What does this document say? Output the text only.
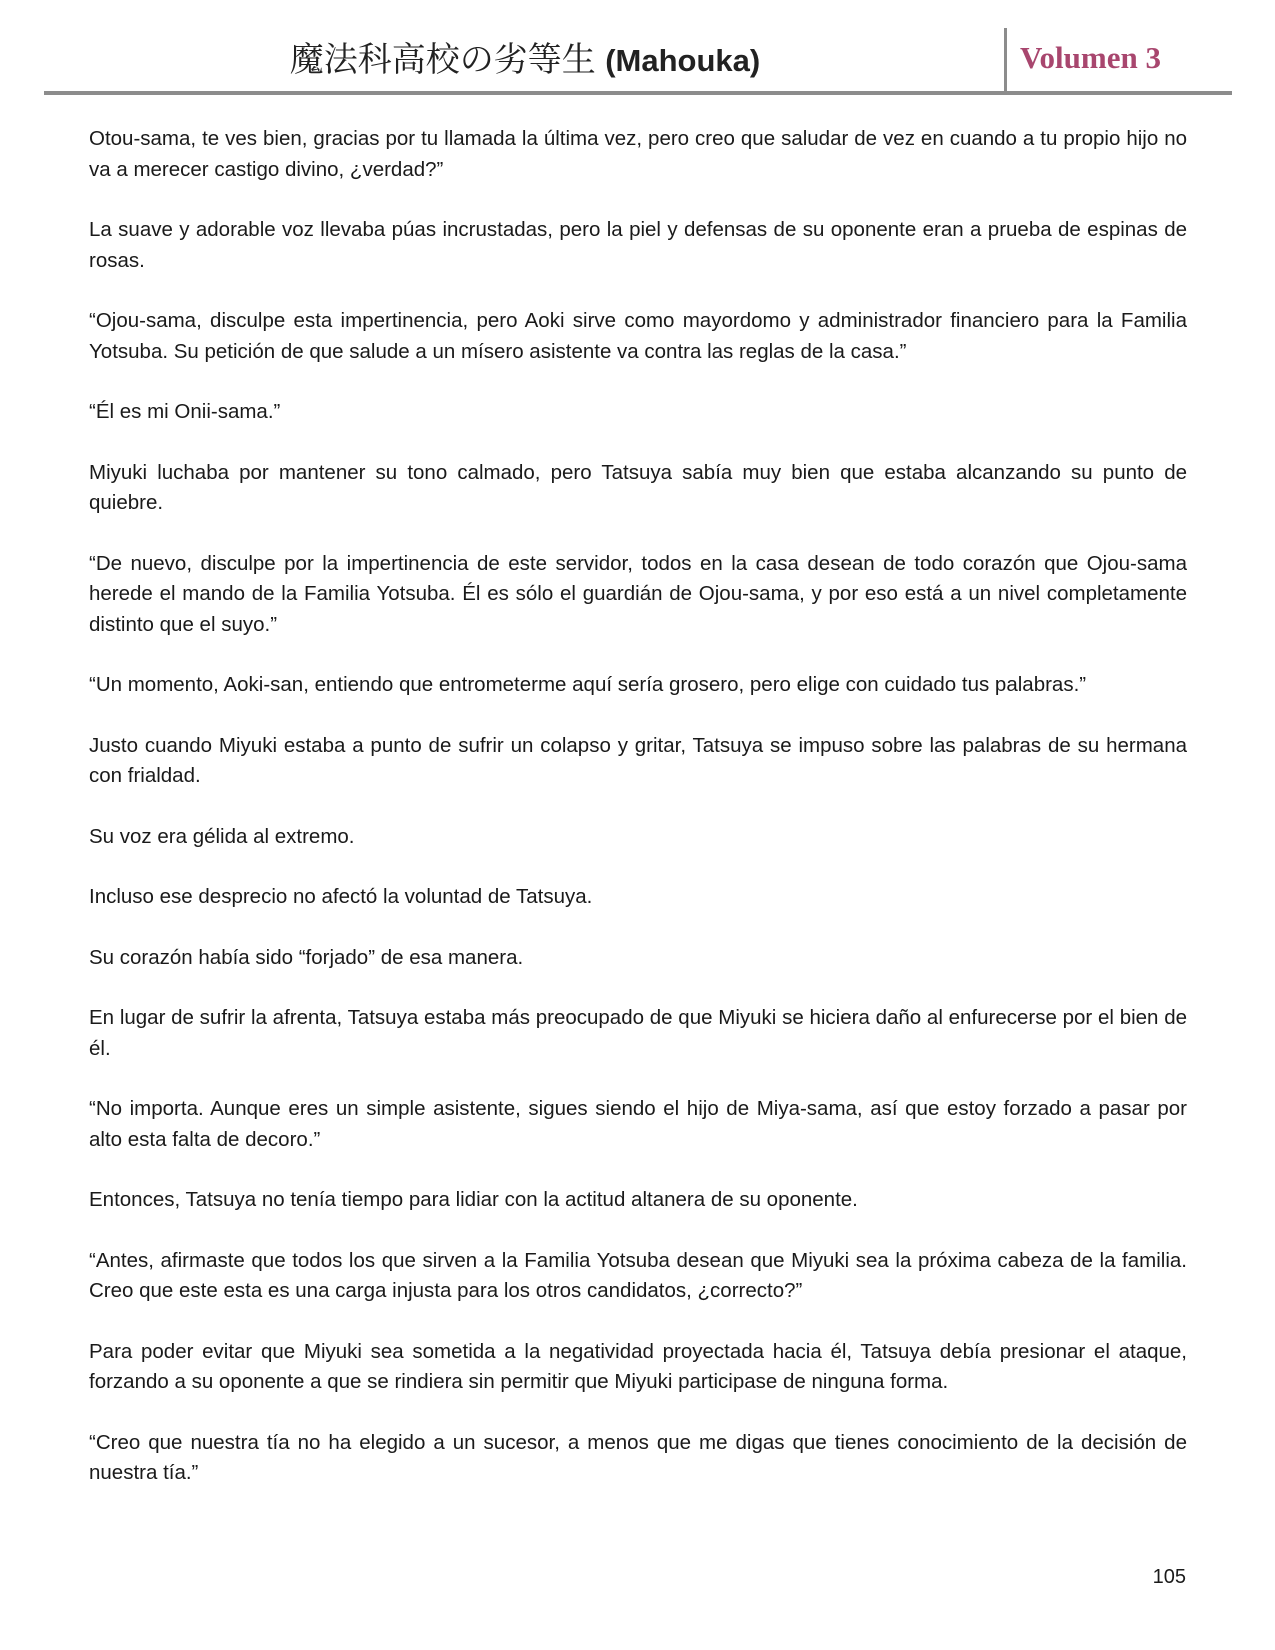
魔法科高校の劣等生 (Mahouka)	Volumen 3

Otou-sama, te ves bien, gracias por tu llamada la última vez, pero creo que saludar de vez en cuando a tu propio hijo no va a merecer castigo divino, ¿verdad?”

La suave y adorable voz llevaba púas incrustadas, pero la piel y defensas de su oponente eran a prueba de espinas de rosas.

“Ojou-sama, disculpe esta impertinencia, pero Aoki sirve como mayordomo y administrador financiero para la Familia Yotsuba. Su petición de que salude a un mísero asistente va contra las reglas de la casa.”

“Él es mi Onii-sama.”

Miyuki luchaba por mantener su tono calmado, pero Tatsuya sabía muy bien que estaba alcanzando su punto de quiebre.

“De nuevo, disculpe por la impertinencia de este servidor, todos en la casa desean de todo corazón que Ojou-sama herede el mando de la Familia Yotsuba. Él es sólo el guardián de Ojou-sama, y por eso está a un nivel completamente distinto que el suyo.”

“Un momento, Aoki-san, entiendo que entrometerme aquí sería grosero, pero elige con cuidado tus palabras.”

Justo cuando Miyuki estaba a punto de sufrir un colapso y gritar, Tatsuya se impuso sobre las palabras de su hermana con frialdad.

Su voz era gélida al extremo.

Incluso ese desprecio no afectó la voluntad de Tatsuya.

Su corazón había sido “forjado” de esa manera.

En lugar de sufrir la afrenta, Tatsuya estaba más preocupado de que Miyuki se hiciera daño al enfurecerse por el bien de él.

“No importa. Aunque eres un simple asistente, sigues siendo el hijo de Miya-sama, así que estoy forzado a pasar por alto esta falta de decoro.”

Entonces, Tatsuya no tenía tiempo para lidiar con la actitud altanera de su oponente.

“Antes, afirmaste que todos los que sirven a la Familia Yotsuba desean que Miyuki sea la próxima cabeza de la familia. Creo que este esta es una carga injusta para los otros candidatos, ¿correcto?”

Para poder evitar que Miyuki sea sometida a la negatividad proyectada hacia él, Tatsuya debía presionar el ataque, forzando a su oponente a que se rindiera sin permitir que Miyuki participase de ninguna forma.

“Creo que nuestra tía no ha elegido a un sucesor, a menos que me digas que tienes conocimiento de la decisión de nuestra tía.”

105
